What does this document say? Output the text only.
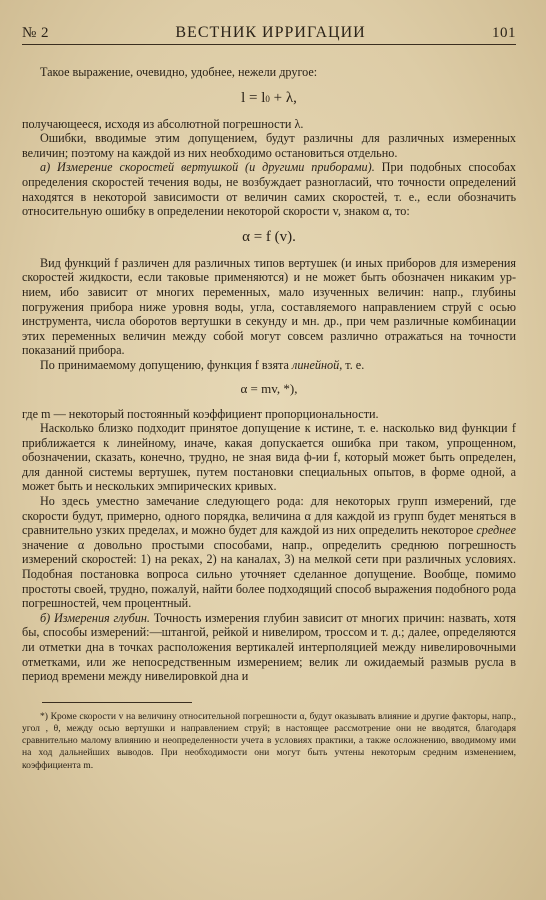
№ 2	ВЕСТНИК ИРРИГАЦИИ	101

Такое выражение, очевидно, удобнее, нежели другое:

l = l0 + λ,

получающееся, исходя из абсолютной погрешности λ.

Ошибки, вводимые этим допущением, будут различны для различных измеренных величин; поэтому на каждой из них необходимо остановиться отдельно.

а) Измерение скоростей вертушкой (и другими приборами). При подобных способах определения скоростей течения воды, не возбуждает разногласий, что точности определений находятся в некоторой зависимости от величин самих скоростей, т. е., если обозначить относительную ошибку в определении некоторой скорости v, знаком α, то:

α = f (v).

Вид функций f различен для различных типов вертушек (и иных приборов для измерения скоростей жидкости, если таковые применяются) и не может быть обозначен никаким ур-нием, ибо зависит от многих переменных, мало изученных величин: напр., глубины погружения прибора ниже уровня воды, угла, составляемого направлением струй с осью инструмента, числа оборотов вертушки в секунду и мн. др., при чем различные комбинации этих переменных величин между собой могут совсем различно отражаться на точности показаний прибора.

По принимаемому допущению, функция f взята линейной, т. е.

α = mv, *),

где m — некоторый постоянный коэффициент пропорциональности.

Насколько близко подходит принятое допущение к истине, т. е. насколько вид функции f приближается к линейному, иначе, какая допускается ошибка при таком, упрощенном, обозначении, сказать, конечно, трудно, не зная вида ф-ии f, который может быть определен, для данной системы вертушек, путем постановки специальных опытов, в форме одной, а может быть и нескольких эмпирических кривых.

Но здесь уместно замечание следующего рода: для некоторых групп измерений, где скорости будут, примерно, одного порядка, величина α для каждой из групп будет меняться в сравнительно узких пределах, и можно будет для каждой из них определить некоторое среднее значение α довольно простыми способами, напр., определить среднюю погрешность измерений скоростей: 1) на реках, 2) на каналах, 3) на мелкой сети при различных условиях. Подобная постановка вопроса сильно уточняет сделанное допущение. Вообще, помимо простоты своей, трудно, пожалуй, найти более подходящий способ выражения подобного рода погрешностей, чем процентный.

б) Измерения глубин. Точность измерения глубин зависит от многих причин: назвать, хотя бы, способы измерений:—штангой, рейкой и нивелиром, троссом и т. д.; далее, определяются ли отметки дна в точках расположения вертикалей интерполяцией между нивелировочными отметками, или же непосредственным измерением; велик ли ожидаемый размыв русла в период времени между нивелировкой дна и

*) Кроме скорости v на величину относительной погрешности α, будут оказывать влияние и другие факторы, напр., угол , θ, между осью вертушки и направлением струй; в настоящее рассмотрение они не вводятся, благодаря сравнительно малому влиянию и неопределенности учета в условиях практики, а также осложнению, вводимому ими на ход дальнейших выводов. При необходимости они могут быть учтены некоторым средним изменением, коэффициента m.
